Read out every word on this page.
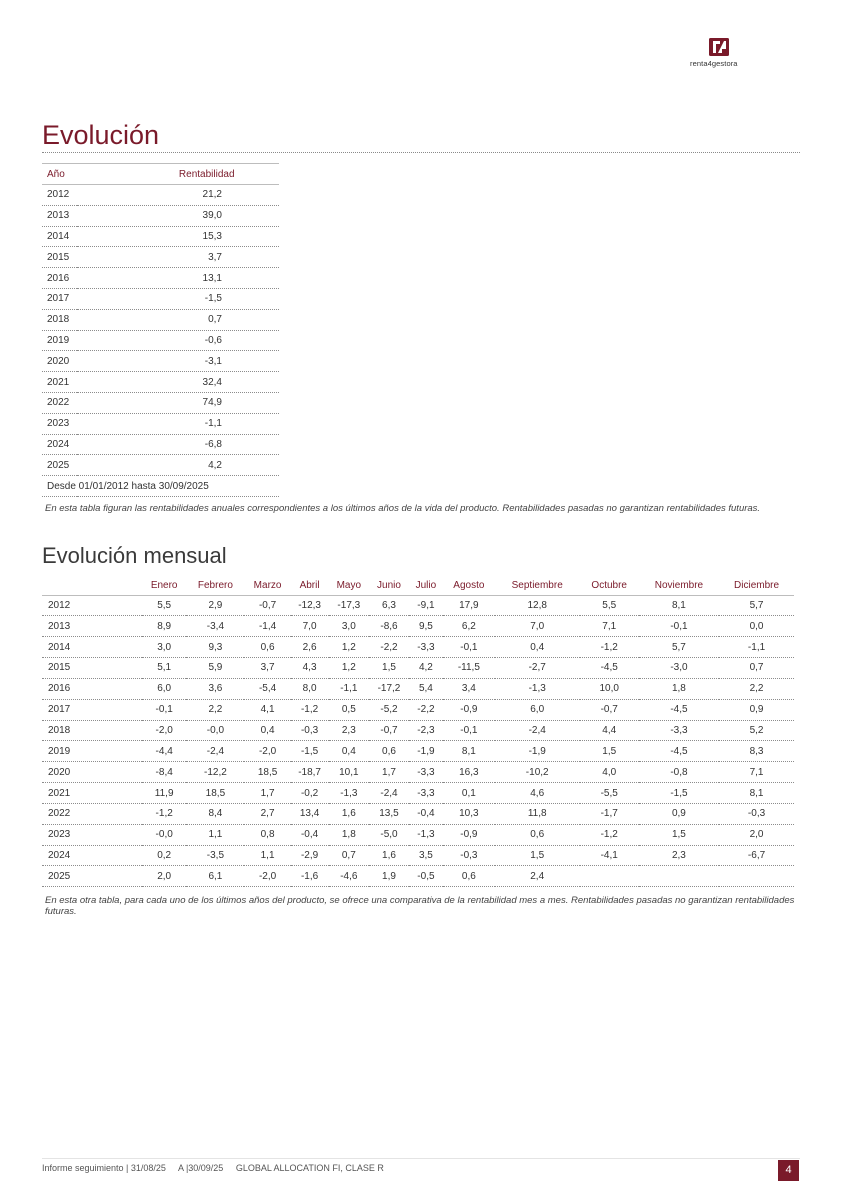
renta4gestora
Evolución
Año	Rentabilidad
2012	21,2
2013	39,0
2014	15,3
2015	3,7
2016	13,1
2017	-1,5
2018	0,7
2019	-0,6
2020	-3,1
2021	32,4
2022	74,9
2023	-1,1
2024	-6,8
2025	4,2
Desde 01/01/2012 hasta 30/09/2025	

En esta tabla figuran las rentabilidades anuales correspondientes a los últimos años de la vida del producto. Rentabilidades pasadas no garantizan rentabilidades futuras.

Evolución mensual
	Enero	Febrero	Marzo	Abril	Mayo	Junio	Julio	Agosto	Septiembre	Octubre	Noviembre	Diciembre
2012	5,5	2,9	-0,7	-12,3	-17,3	6,3	-9,1	17,9	12,8	5,5	8,1	5,7
2013	8,9	-3,4	-1,4	7,0	3,0	-8,6	9,5	6,2	7,0	7,1	-0,1	0,0
2014	3,0	9,3	0,6	2,6	1,2	-2,2	-3,3	-0,1	0,4	-1,2	5,7	-1,1
2015	5,1	5,9	3,7	4,3	1,2	1,5	4,2	-11,5	-2,7	-4,5	-3,0	0,7
2016	6,0	3,6	-5,4	8,0	-1,1	-17,2	5,4	3,4	-1,3	10,0	1,8	2,2
2017	-0,1	2,2	4,1	-1,2	0,5	-5,2	-2,2	-0,9	6,0	-0,7	-4,5	0,9
2018	-2,0	-0,0	0,4	-0,3	2,3	-0,7	-2,3	-0,1	-2,4	4,4	-3,3	5,2
2019	-4,4	-2,4	-2,0	-1,5	0,4	0,6	-1,9	8,1	-1,9	1,5	-4,5	8,3
2020	-8,4	-12,2	18,5	-18,7	10,1	1,7	-3,3	16,3	-10,2	4,0	-0,8	7,1
2021	11,9	18,5	1,7	-0,2	-1,3	-2,4	-3,3	0,1	4,6	-5,5	-1,5	8,1
2022	-1,2	8,4	2,7	13,4	1,6	13,5	-0,4	10,3	11,8	-1,7	0,9	-0,3
2023	-0,0	1,1	0,8	-0,4	1,8	-5,0	-1,3	-0,9	0,6	-1,2	1,5	2,0
2024	0,2	-3,5	1,1	-2,9	0,7	1,6	3,5	-0,3	1,5	-4,1	2,3	-6,7
2025	2,0	6,1	-2,0	-1,6	-4,6	1,9	-0,5	0,6	2,4			

En esta otra tabla, para cada uno de los últimos años del producto, se ofrece una comparativa de la rentabilidad mes a mes. Rentabilidades pasadas no garantizan rentabilidades futuras.

Informe seguimiento | 31/08/25 A |30/09/25 GLOBAL ALLOCATION FI, CLASE R	4
